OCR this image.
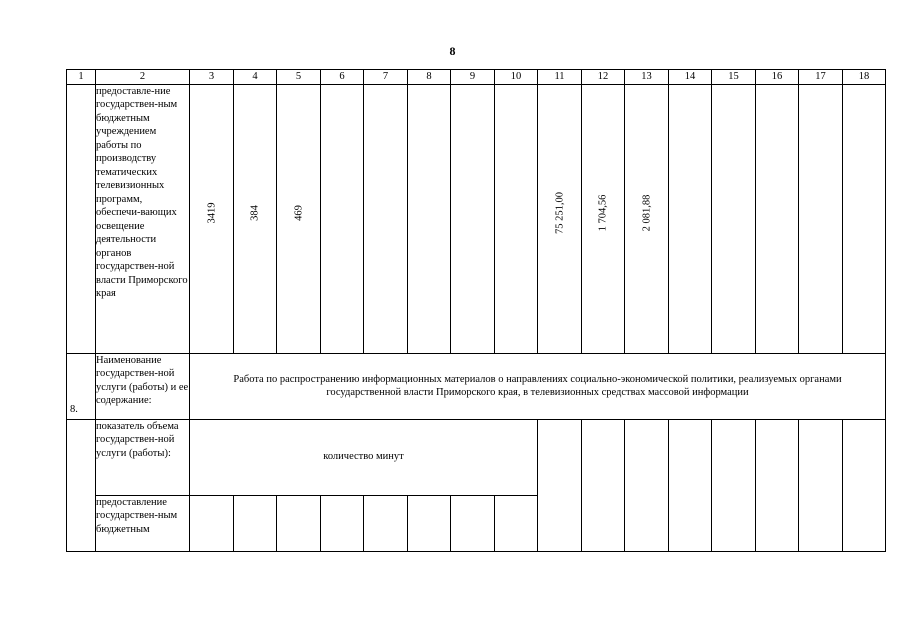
8
1	2	3	4	5	6	7	8	9	10	11	12	13	14	15	16	17	18
	предоставле-ние государствен-ным бюджетным учреждением работы по производству тематических телевизионных программ, обеспечи-вающих освещение деятельности органов государствен-ной власти Приморского края	3419	384	469						75 251,00	1 704,56	2 081,88					

8.	Наименование государствен-ной услуги (работы) и ее содержание:	Работа по распространению информационных материалов о направлениях социально-экономической политики, реализуемых органами государственной власти Приморского края, в телевизионных средствах массовой информации															
	показатель объема государствен-ной услуги (работы):	количество минут															
	предоставление государствен-ным бюджетным																
